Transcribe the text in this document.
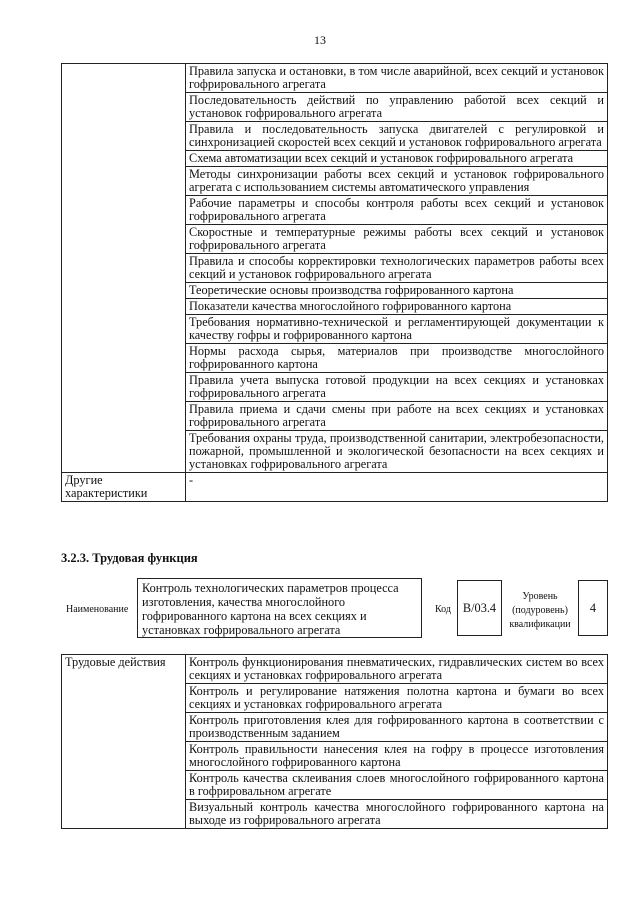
13
	Правила запуска и остановки, в том числе аварийной, всех секций и установок гофрировального агрегата
	Последовательность действий по управлению работой всех секций и установок гофрировального агрегата
	Правила и последовательность запуска двигателей с регулировкой и синхронизацией скоростей всех секций и установок гофрировального агрегата
	Схема автоматизации всех секций и установок гофрировального агрегата
	Методы синхронизации работы всех секций и установок гофрировального агрегата с использованием системы автоматического управления
	Рабочие параметры и способы контроля работы всех секций и установок гофрировального агрегата
	Скоростные и температурные режимы работы всех секций и установок гофрировального агрегата
	Правила и способы корректировки технологических параметров работы всех секций и установок гофрировального агрегата
	Теоретические основы производства гофрированного картона
	Показатели качества многослойного гофрированного картона
	Требования нормативно-технической и регламентирующей документации к качеству гофры и гофрированного картона
	Нормы расхода сырья, материалов при производстве многослойного гофрированного картона
	Правила учета выпуска готовой продукции на всех секциях и установках гофрировального агрегата
	Правила приема и сдачи смены при работе на всех секциях и установках гофрировального агрегата
	Требования охраны труда, производственной санитарии, электробезопасности, пожарной, промышленной и экологической безопасности на всех секциях и установках гофрировального агрегата
Другие характеристики	-
3.2.3. Трудовая функция
Наименование
Контроль технологических параметров процесса изготовления, качества многослойного гофрированного картона на всех секциях и установках гофрировального агрегата
Код B/03.4
Уровень (подуровень) квалификации
4
Трудовые действия	Контроль функционирования пневматических, гидравлических систем во всех секциях и установках гофрировального агрегата
Контроль и регулирование натяжения полотна картона и бумаги во всех секциях и установках гофрировального агрегата
Контроль приготовления клея для гофрированного картона в соответствии с производственным заданием
Контроль правильности нанесения клея на гофру в процессе изготовления многослойного гофрированного картона
Контроль качества склеивания слоев многослойного гофрированного картона в гофрировальном агрегате
Визуальный контроль качества многослойного гофрированного картона на выходе из гофрировального агрегата
